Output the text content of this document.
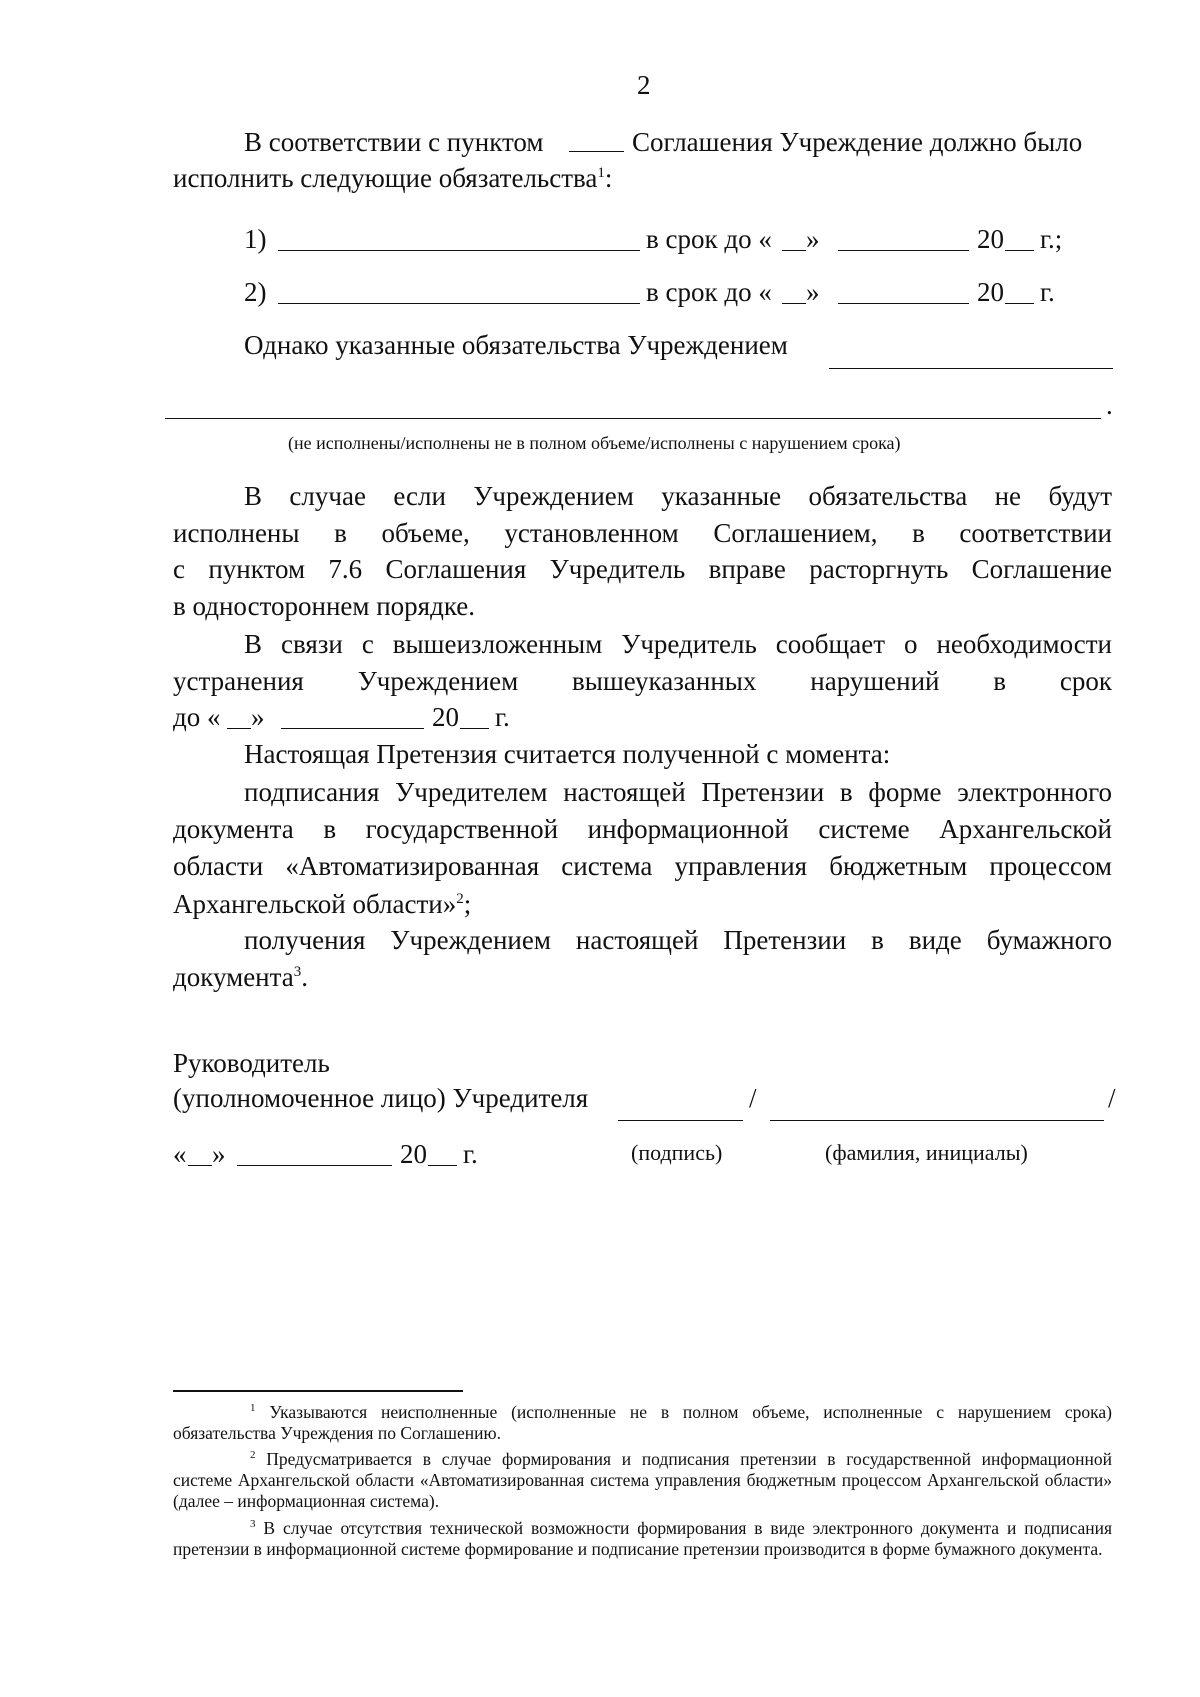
2
В соответствии с пунктом	Соглашения Учреждение должно было
исполнить следующие обязательства$^1$:
1)	в срок до « »	20 г.;
2)	в срок до « »	20 г.
Однако указанные обязательства Учреждением
.
(не исполнены/исполнены не в полном объеме/исполнены с нарушением срока)
В случае если Учреждением указанные обязательства не будут
исполнены в объеме, установленном Соглашением, в соответствии
с пунктом 7.6 Соглашения Учредитель вправе расторгнуть Соглашение
в одностороннем порядке.
В связи с вышеизложенным Учредитель сообщает о необходимости
устранения Учреждением вышеуказанных нарушений в срок
до « »	20 г.
Настоящая Претензия считается полученной с момента:
подписания Учредителем настоящей Претензии в форме электронного
документа в государственной информационной системе Архангельской
области «Автоматизированная система управления бюджетным процессом
Архангельской области»$^2$;
получения Учреждением настоящей Претензии в виде бумажного
документа$^3$.
Руководитель
(уполномоченное лицо) Учредителя	/	/
« »	20 г.	(подпись)	(фамилия, инициалы)
$^1$ Указываются неисполненные (исполненные не в полном объеме, исполненные с нарушением срока) обязательства Учреждения по Соглашению.
$^2$ Предусматривается в случае формирования и подписания претензии в государственной информационной системе Архангельской области «Автоматизированная система управления бюджетным процессом Архангельской области» (далее – информационная система).
$^3$ В случае отсутствия технической возможности формирования в виде электронного документа и подписания претензии в информационной системе формирование и подписание претензии производится в форме бумажного документа.
